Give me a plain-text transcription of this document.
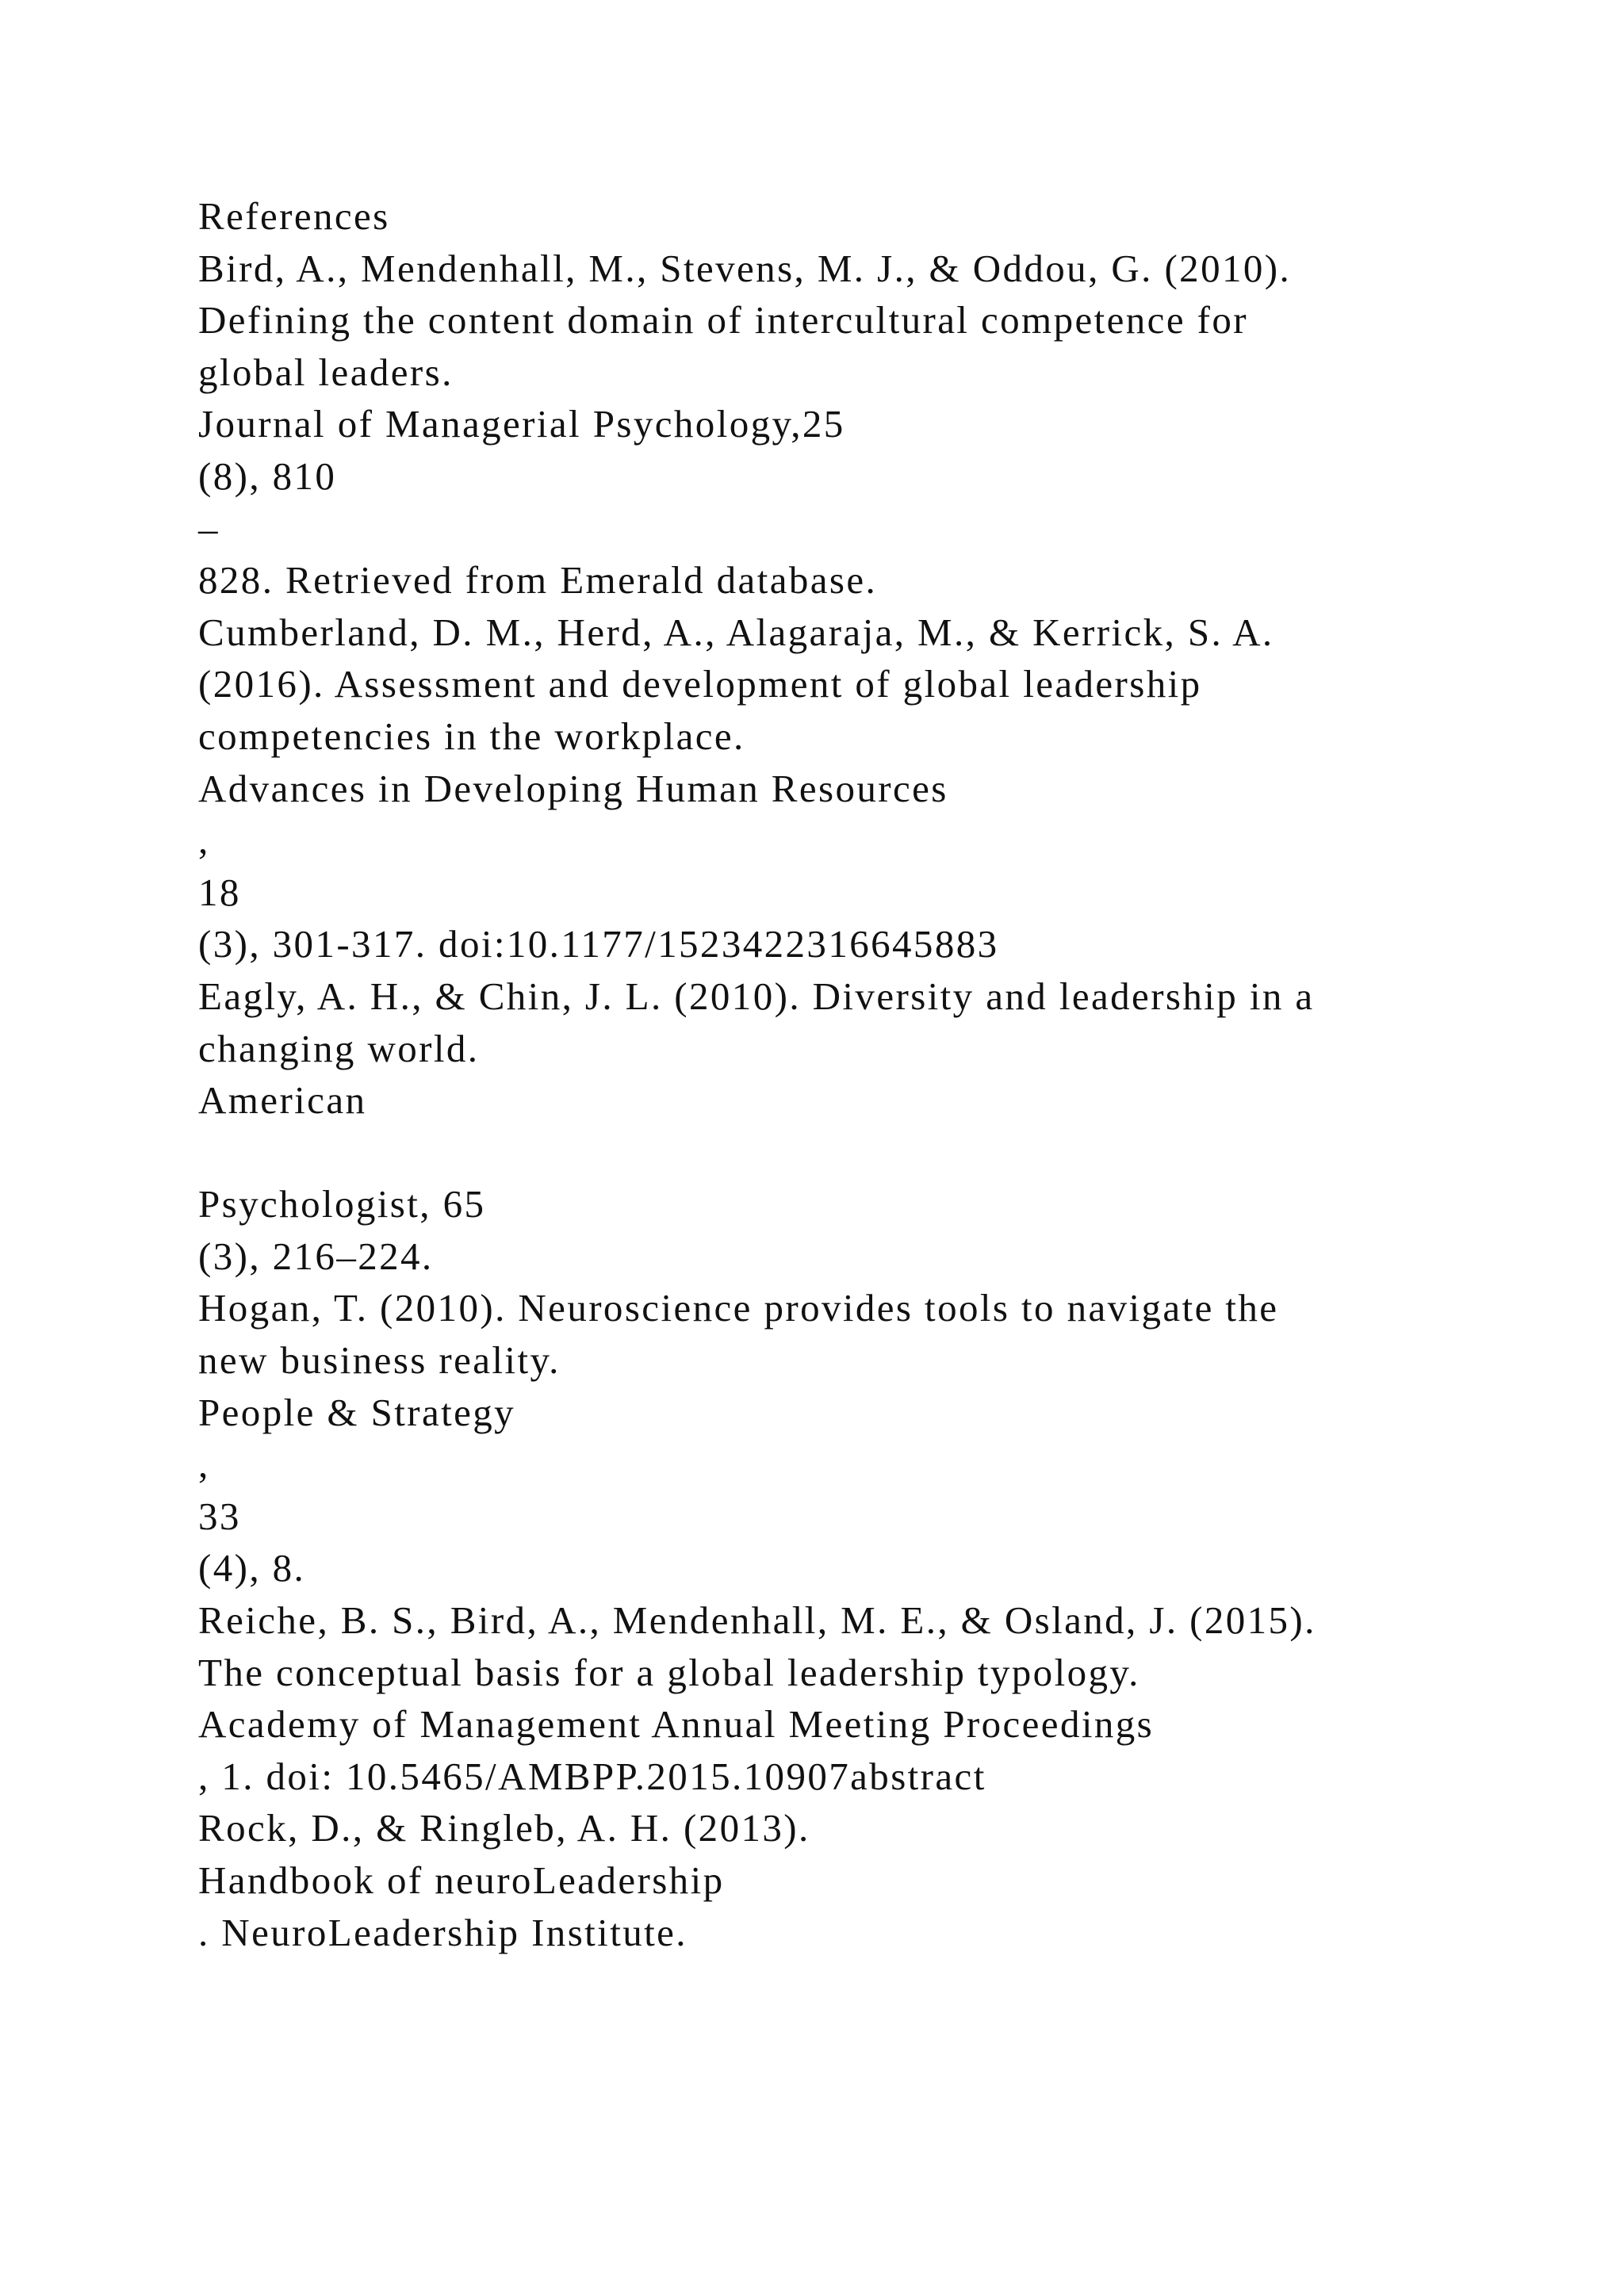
References

Bird, A., Mendenhall, M., Stevens, M. J., & Oddou, G. (2010).

Defining the content domain of intercultural competence for

global leaders.

Journal of Managerial Psychology,25

(8), 810

–

828. Retrieved from Emerald database.

Cumberland, D. M., Herd, A., Alagaraja, M., & Kerrick, S. A.

(2016). Assessment and development of global leadership

competencies in the workplace.

Advances in Developing Human Resources

,

18

(3), 301-317. doi:10.1177/1523422316645883

Eagly, A. H., & Chin, J. L. (2010). Diversity and leadership in a

changing world.

American

Psychologist, 65

(3), 216–224.

Hogan, T. (2010). Neuroscience provides tools to navigate the

new business reality.

People & Strategy

,

33

(4), 8.

Reiche, B. S., Bird, A., Mendenhall, M. E., & Osland, J. (2015).

The conceptual basis for a global leadership typology.

Academy of Management Annual Meeting Proceedings

, 1. doi: 10.5465/AMBPP.2015.10907abstract

Rock, D., & Ringleb, A. H. (2013).

Handbook of neuroLeadership

. NeuroLeadership Institute.
